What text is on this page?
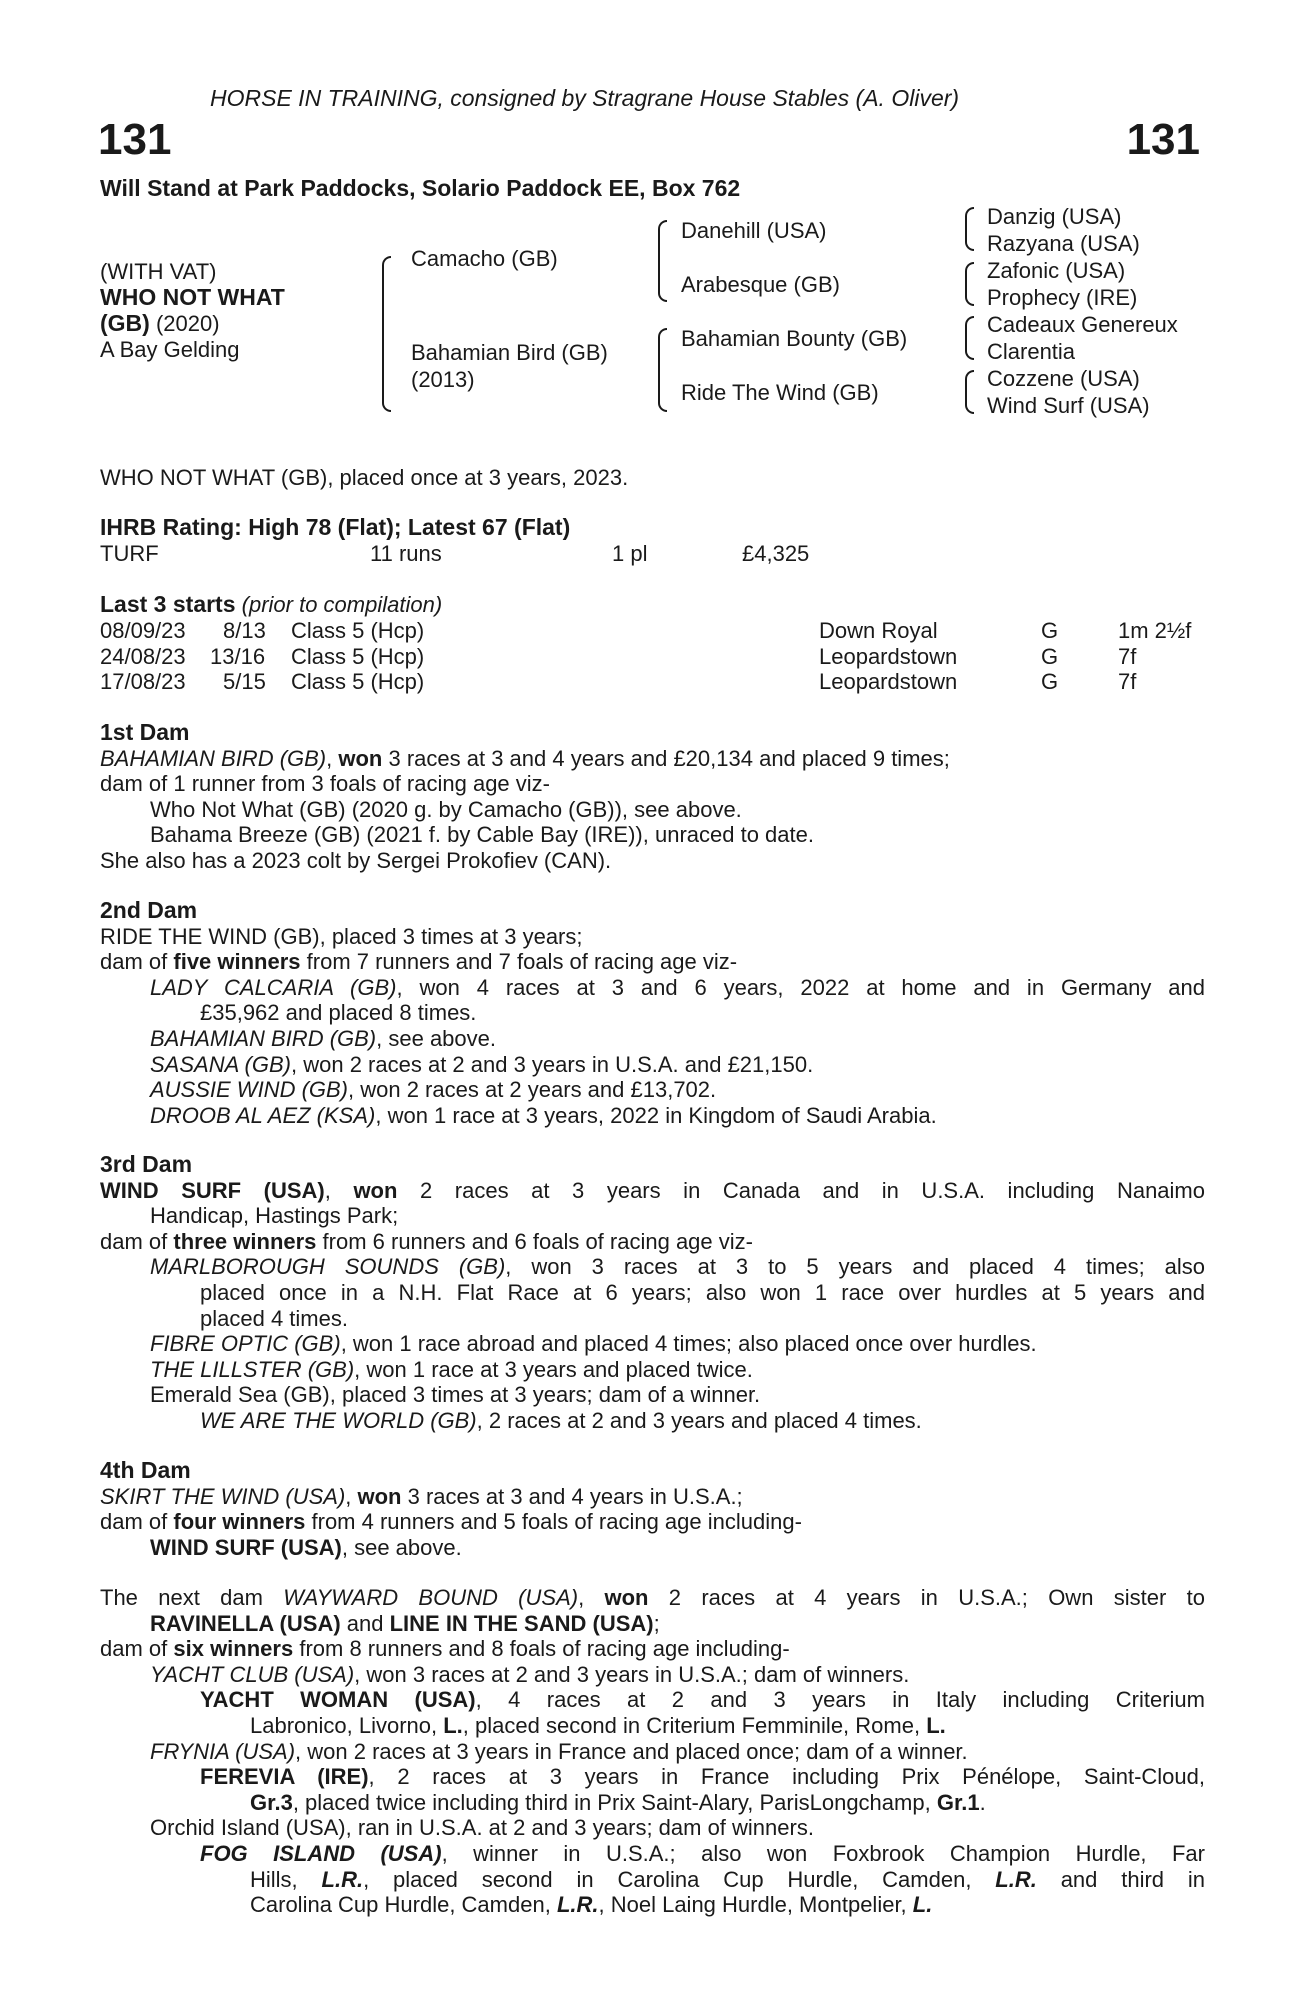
HORSE IN TRAINING, consigned by Stragrane House Stables (A. Oliver)
131	131
Will Stand at Park Paddocks, Solario Paddock EE, Box 762
(WITH VAT)
WHO NOT WHAT
(GB) (2020)
A Bay Gelding
Camacho (GB)
Bahamian Bird (GB)
(2013)
Danehill (USA)
Arabesque (GB)
Bahamian Bounty (GB)
Ride The Wind (GB)
Danzig (USA)
Razyana (USA)
Zafonic (USA)
Prophecy (IRE)
Cadeaux Genereux
Clarentia
Cozzene (USA)
Wind Surf (USA)
WHO NOT WHAT (GB), placed once at 3 years, 2023.
IHRB Rating: High 78 (Flat); Latest 67 (Flat)
TURF	11 runs	1 pl	£4,325
Last 3 starts (prior to compilation)
08/09/23 8/13 Class 5 (Hcp)	Down Royal	G	1m 2½f
24/08/23 13/16 Class 5 (Hcp)	Leopardstown	G	7f
17/08/23 5/15 Class 5 (Hcp)	Leopardstown	G	7f
1st Dam
BAHAMIAN BIRD (GB), won 3 races at 3 and 4 years and £20,134 and placed 9 times;
dam of 1 runner from 3 foals of racing age viz-
Who Not What (GB) (2020 g. by Camacho (GB)), see above.
Bahama Breeze (GB) (2021 f. by Cable Bay (IRE)), unraced to date.
She also has a 2023 colt by Sergei Prokofiev (CAN).
2nd Dam
RIDE THE WIND (GB), placed 3 times at 3 years;
dam of five winners from 7 runners and 7 foals of racing age viz-
LADY CALCARIA (GB), won 4 races at 3 and 6 years, 2022 at home and in Germany and
£35,962 and placed 8 times.
BAHAMIAN BIRD (GB), see above.
SASANA (GB), won 2 races at 2 and 3 years in U.S.A. and £21,150.
AUSSIE WIND (GB), won 2 races at 2 years and £13,702.
DROOB AL AEZ (KSA), won 1 race at 3 years, 2022 in Kingdom of Saudi Arabia.
3rd Dam
WIND SURF (USA), won 2 races at 3 years in Canada and in U.S.A. including Nanaimo
Handicap, Hastings Park;
dam of three winners from 6 runners and 6 foals of racing age viz-
MARLBOROUGH SOUNDS (GB), won 3 races at 3 to 5 years and placed 4 times; also
placed once in a N.H. Flat Race at 6 years; also won 1 race over hurdles at 5 years and
placed 4 times.
FIBRE OPTIC (GB), won 1 race abroad and placed 4 times; also placed once over hurdles.
THE LILLSTER (GB), won 1 race at 3 years and placed twice.
Emerald Sea (GB), placed 3 times at 3 years; dam of a winner.
WE ARE THE WORLD (GB), 2 races at 2 and 3 years and placed 4 times.
4th Dam
SKIRT THE WIND (USA), won 3 races at 3 and 4 years in U.S.A.;
dam of four winners from 4 runners and 5 foals of racing age including-
WIND SURF (USA), see above.
The next dam WAYWARD BOUND (USA), won 2 races at 4 years in U.S.A.; Own sister to
RAVINELLA (USA) and LINE IN THE SAND (USA);
dam of six winners from 8 runners and 8 foals of racing age including-
YACHT CLUB (USA), won 3 races at 2 and 3 years in U.S.A.; dam of winners.
YACHT WOMAN (USA), 4 races at 2 and 3 years in Italy including Criterium
Labronico, Livorno, L., placed second in Criterium Femminile, Rome, L.
FRYNIA (USA), won 2 races at 3 years in France and placed once; dam of a winner.
FEREVIA (IRE), 2 races at 3 years in France including Prix Pénélope, Saint-Cloud,
Gr.3, placed twice including third in Prix Saint-Alary, ParisLongchamp, Gr.1.
Orchid Island (USA), ran in U.S.A. at 2 and 3 years; dam of winners.
FOG ISLAND (USA), winner in U.S.A.; also won Foxbrook Champion Hurdle, Far
Hills, L.R., placed second in Carolina Cup Hurdle, Camden, L.R. and third in
Carolina Cup Hurdle, Camden, L.R., Noel Laing Hurdle, Montpelier, L.
